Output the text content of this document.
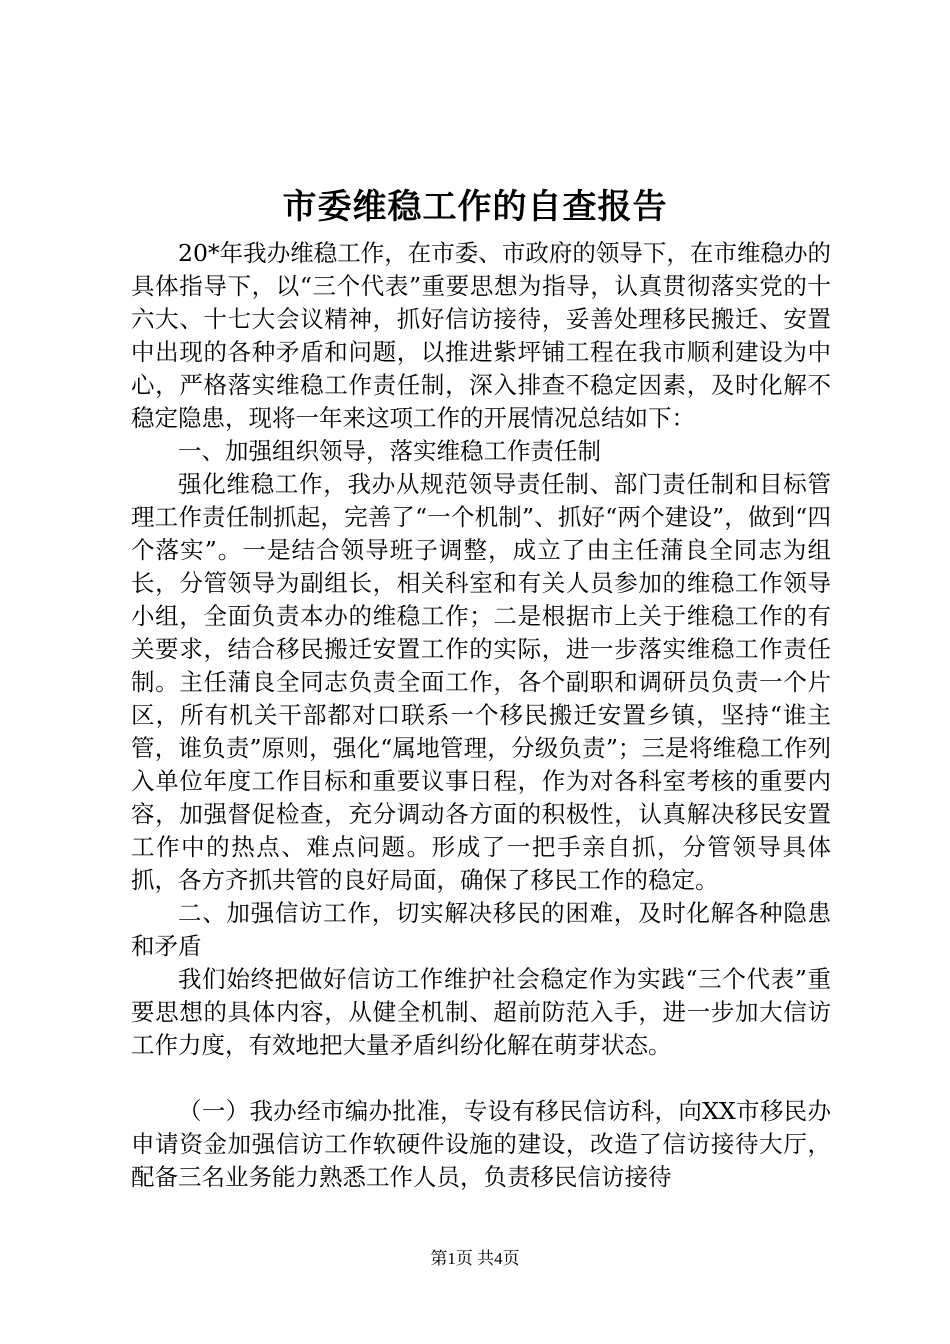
市委维稳工作的自查报告

20*年我办维稳工作，在市委、市政府的领导下，在市维稳办的具体指导下，以“三个代表”重要思想为指导，认真贯彻落实党的十六大、十七大会议精神，抓好信访接待，妥善处理移民搬迁、安置中出现的各种矛盾和问题，以推进紫坪铺工程在我市顺利建设为中心，严格落实维稳工作责任制，深入排查不稳定因素，及时化解不稳定隐患，现将一年来这项工作的开展情况总结如下：

一、加强组织领导，落实维稳工作责任制

强化维稳工作，我办从规范领导责任制、部门责任制和目标管理工作责任制抓起，完善了“一个机制”、抓好“两个建设”，做到“四个落实”。一是结合领导班子调整，成立了由主任蒲良全同志为组长，分管领导为副组长，相关科室和有关人员参加的维稳工作领导小组，全面负责本办的维稳工作；二是根据市上关于维稳工作的有关要求，结合移民搬迁安置工作的实际，进一步落实维稳工作责任制。主任蒲良全同志负责全面工作，各个副职和调研员负责一个片区，所有机关干部都对口联系一个移民搬迁安置乡镇，坚持“谁主管，谁负责”原则，强化“属地管理，分级负责”；三是将维稳工作列入单位年度工作目标和重要议事日程，作为对各科室考核的重要内容，加强督促检查，充分调动各方面的积极性，认真解决移民安置工作中的热点、难点问题。形成了一把手亲自抓，分管领导具体抓，各方齐抓共管的良好局面，确保了移民工作的稳定。

二、加强信访工作，切实解决移民的困难，及时化解各种隐患和矛盾

我们始终把做好信访工作维护社会稳定作为实践“三个代表”重要思想的具体内容，从健全机制、超前防范入手，进一步加大信访工作力度，有效地把大量矛盾纠纷化解在萌芽状态。

（一）我办经市编办批准，专设有移民信访科，向XX市移民办申请资金加强信访工作软硬件设施的建设，改造了信访接待大厅，配备三名业务能力熟悉工作人员，负责移民信访接待

第1页 共4页
